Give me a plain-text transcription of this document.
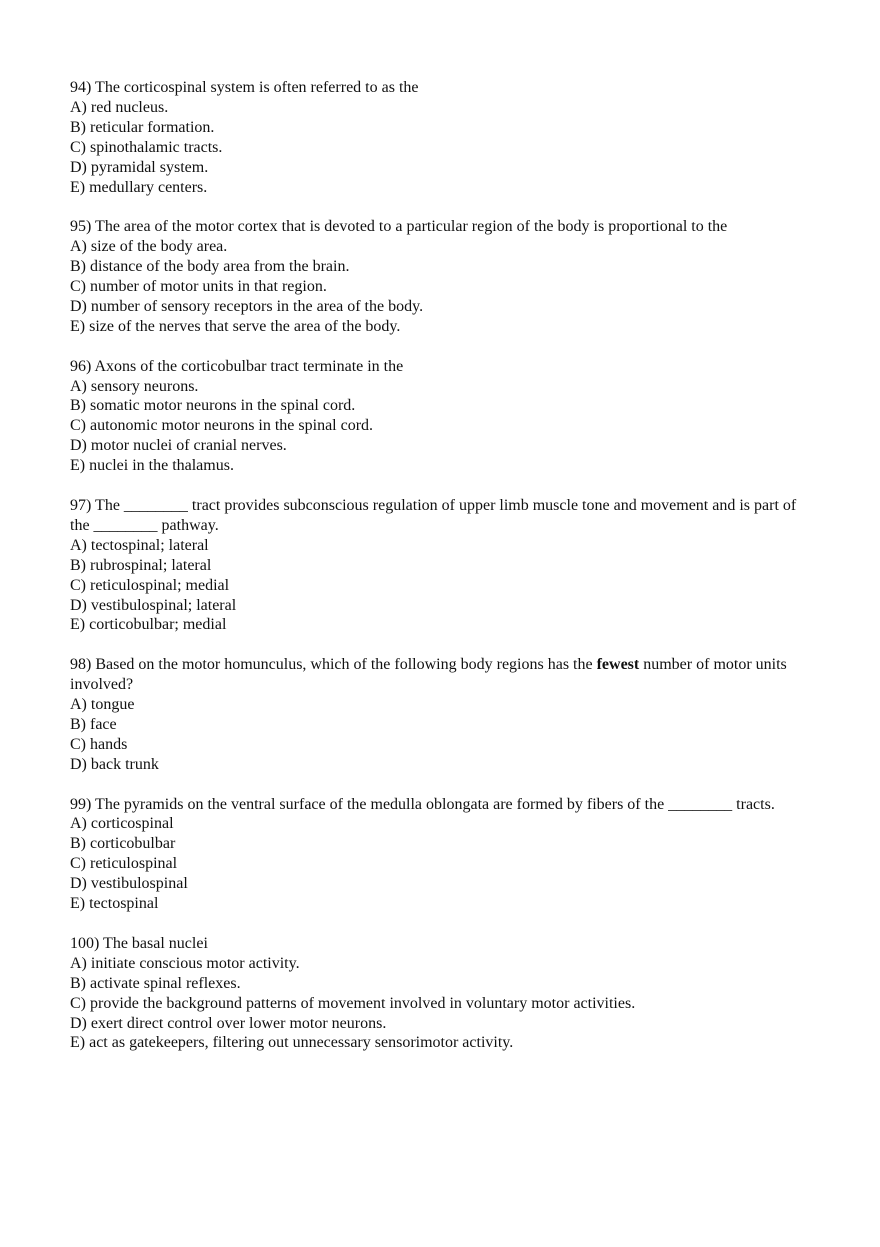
94) The corticospinal system is often referred to as the
A) red nucleus.
B) reticular formation.
C) spinothalamic tracts.
D) pyramidal system.
E) medullary centers.
95) The area of the motor cortex that is devoted to a particular region of the body is proportional to the
A) size of the body area.
B) distance of the body area from the brain.
C) number of motor units in that region.
D) number of sensory receptors in the area of the body.
E) size of the nerves that serve the area of the body.
96) Axons of the corticobulbar tract terminate in the
A) sensory neurons.
B) somatic motor neurons in the spinal cord.
C) autonomic motor neurons in the spinal cord.
D) motor nuclei of cranial nerves.
E) nuclei in the thalamus.
97) The ________ tract provides subconscious regulation of upper limb muscle tone and movement and is part of the ________ pathway.
A) tectospinal; lateral
B) rubrospinal; lateral
C) reticulospinal; medial
D) vestibulospinal; lateral
E) corticobulbar; medial
98) Based on the motor homunculus, which of the following body regions has the fewest number of motor units involved?
A) tongue
B) face
C) hands
D) back trunk
99) The pyramids on the ventral surface of the medulla oblongata are formed by fibers of the ________ tracts.
A) corticospinal
B) corticobulbar
C) reticulospinal
D) vestibulospinal
E) tectospinal
100) The basal nuclei
A) initiate conscious motor activity.
B) activate spinal reflexes.
C) provide the background patterns of movement involved in voluntary motor activities.
D) exert direct control over lower motor neurons.
E) act as gatekeepers, filtering out unnecessary sensorimotor activity.
